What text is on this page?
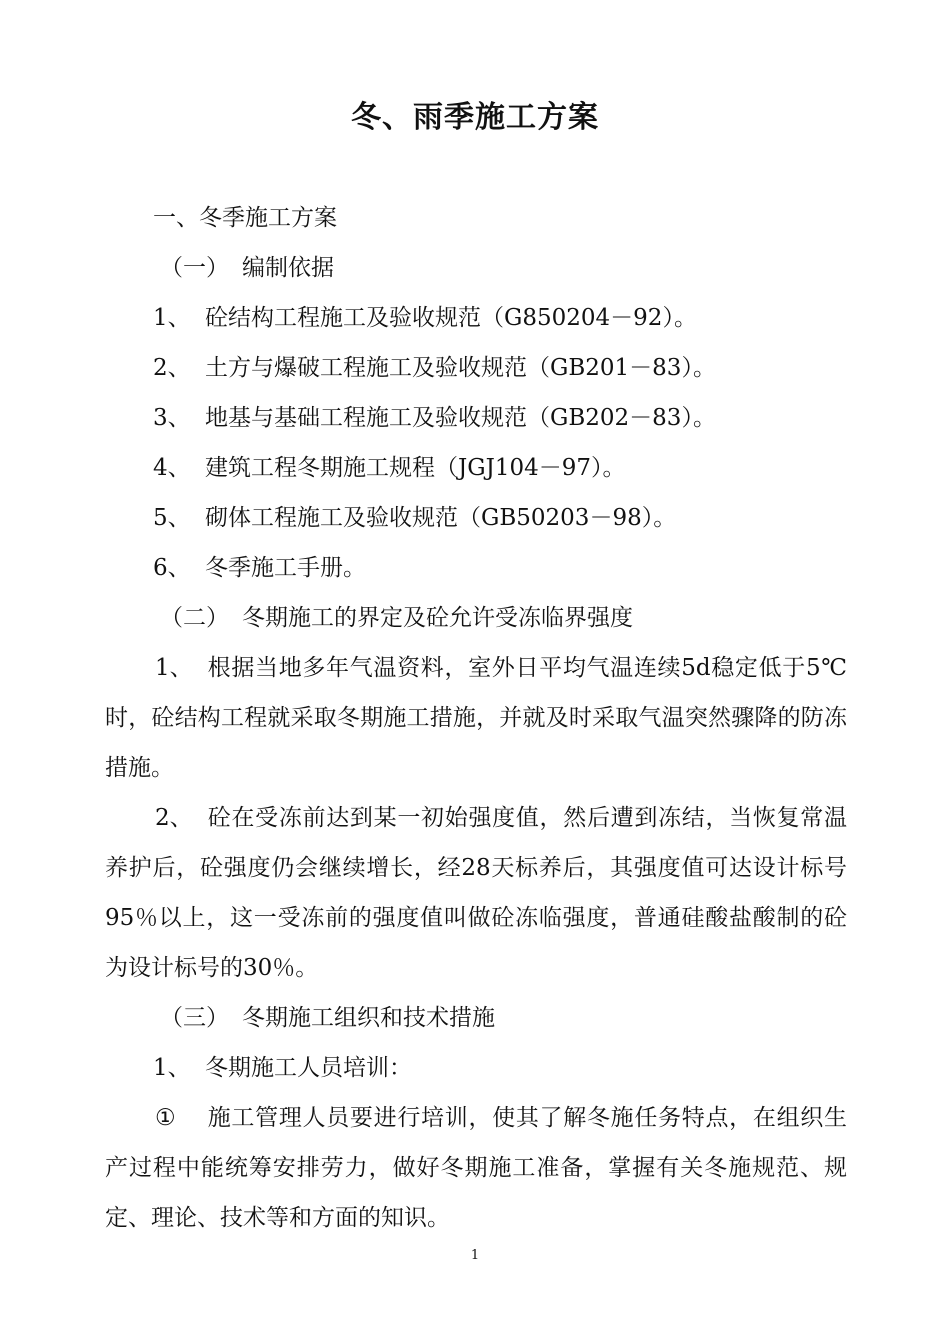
冬、雨季施工方案
一、冬季施工方案
（一） 编制依据
1、 砼结构工程施工及验收规范（G850204－92）。
2、 土方与爆破工程施工及验收规范（GB201－83）。
3、 地基与基础工程施工及验收规范（GB202－83）。
4、 建筑工程冬期施工规程（JGJ104－97）。
5、 砌体工程施工及验收规范（GB50203－98）。
6、 冬季施工手册。
（二） 冬期施工的界定及砼允许受冻临界强度

1、 根据当地多年气温资料，室外日平均气温连续5d稳定低于5℃时，砼结构工程就采取冬期施工措施，并就及时采取气温突然骤降的防冻措施。

2、 砼在受冻前达到某一初始强度值，然后遭到冻结，当恢复常温养护后，砼强度仍会继续增长，经28天标养后，其强度值可达设计标号95％以上，这一受冻前的强度值叫做砼冻临强度，普通硅酸盐酸制的砼为设计标号的30％。

（三） 冬期施工组织和技术措施
1、 冬期施工人员培训：

① 施工管理人员要进行培训，使其了解冬施任务特点，在组织生产过程中能统筹安排劳力，做好冬期施工准备，掌握有关冬施规范、规定、理论、技术等和方面的知识。

1
